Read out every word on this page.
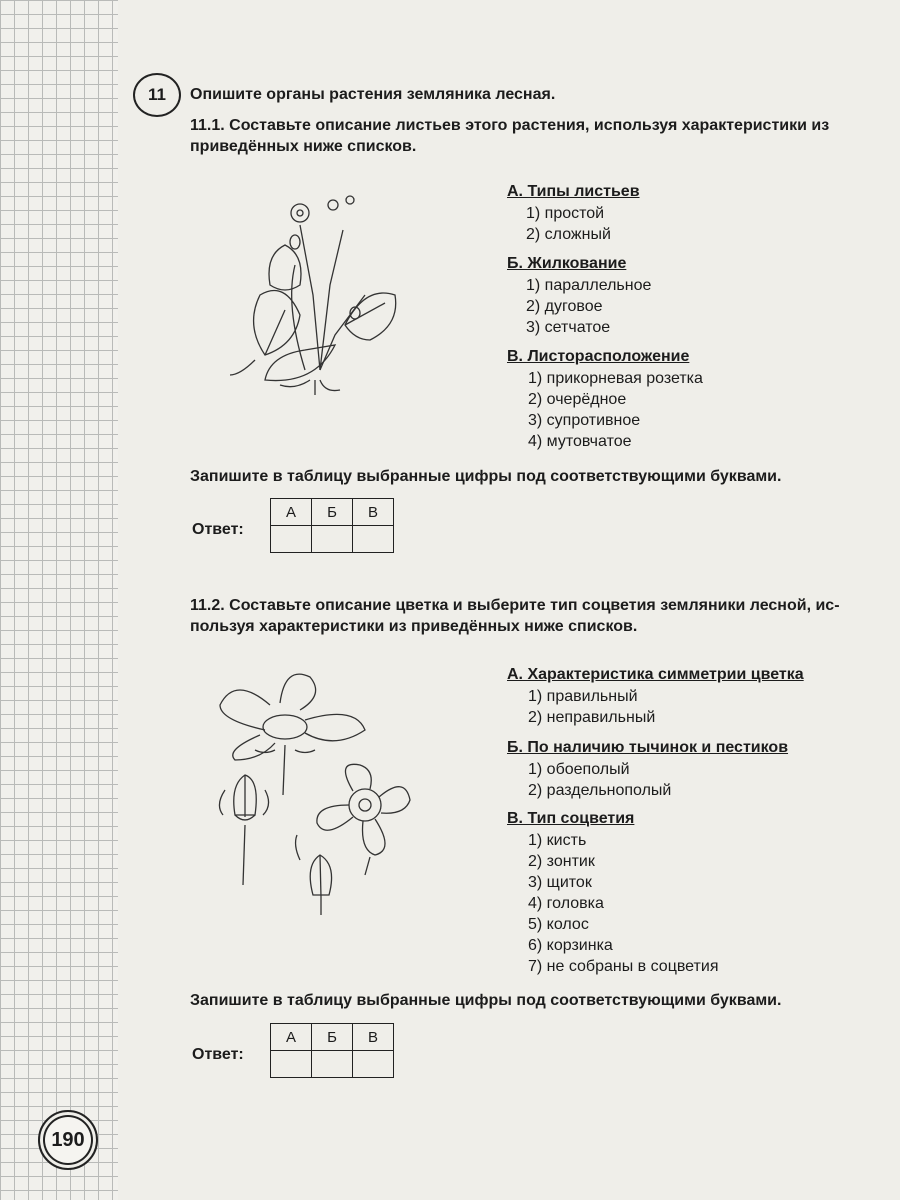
11 Опишите органы растения земляника лесная.
11.1. Составьте описание листьев этого растения, используя характеристики из
приведённых ниже списков.
А. Типы листьев
1) простой
2) сложный
Б. Жилкование
1) параллельное
2) дуговое
3) сетчатое
В. Листорасположение
1) прикорневая розетка
2) очерёдное
3) супротивное
4) мутовчатое
Запишите в таблицу выбранные цифры под соответствующими буквами.
Ответ:
А	Б	В

11.2. Составьте описание цветка и выберите тип соцветия земляники лесной, ис-
пользуя характеристики из приведённых ниже списков.
А. Характеристика симметрии цветка
1) правильный
2) неправильный
Б. По наличию тычинок и пестиков
1) обоеполый
2) раздельнополый
В. Тип соцветия
1) кисть
2) зонтик
3) щиток
4) головка
5) колос
6) корзинка
7) не собраны в соцветия
Запишите в таблицу выбранные цифры под соответствующими буквами.
Ответ:
А	Б	В

190
